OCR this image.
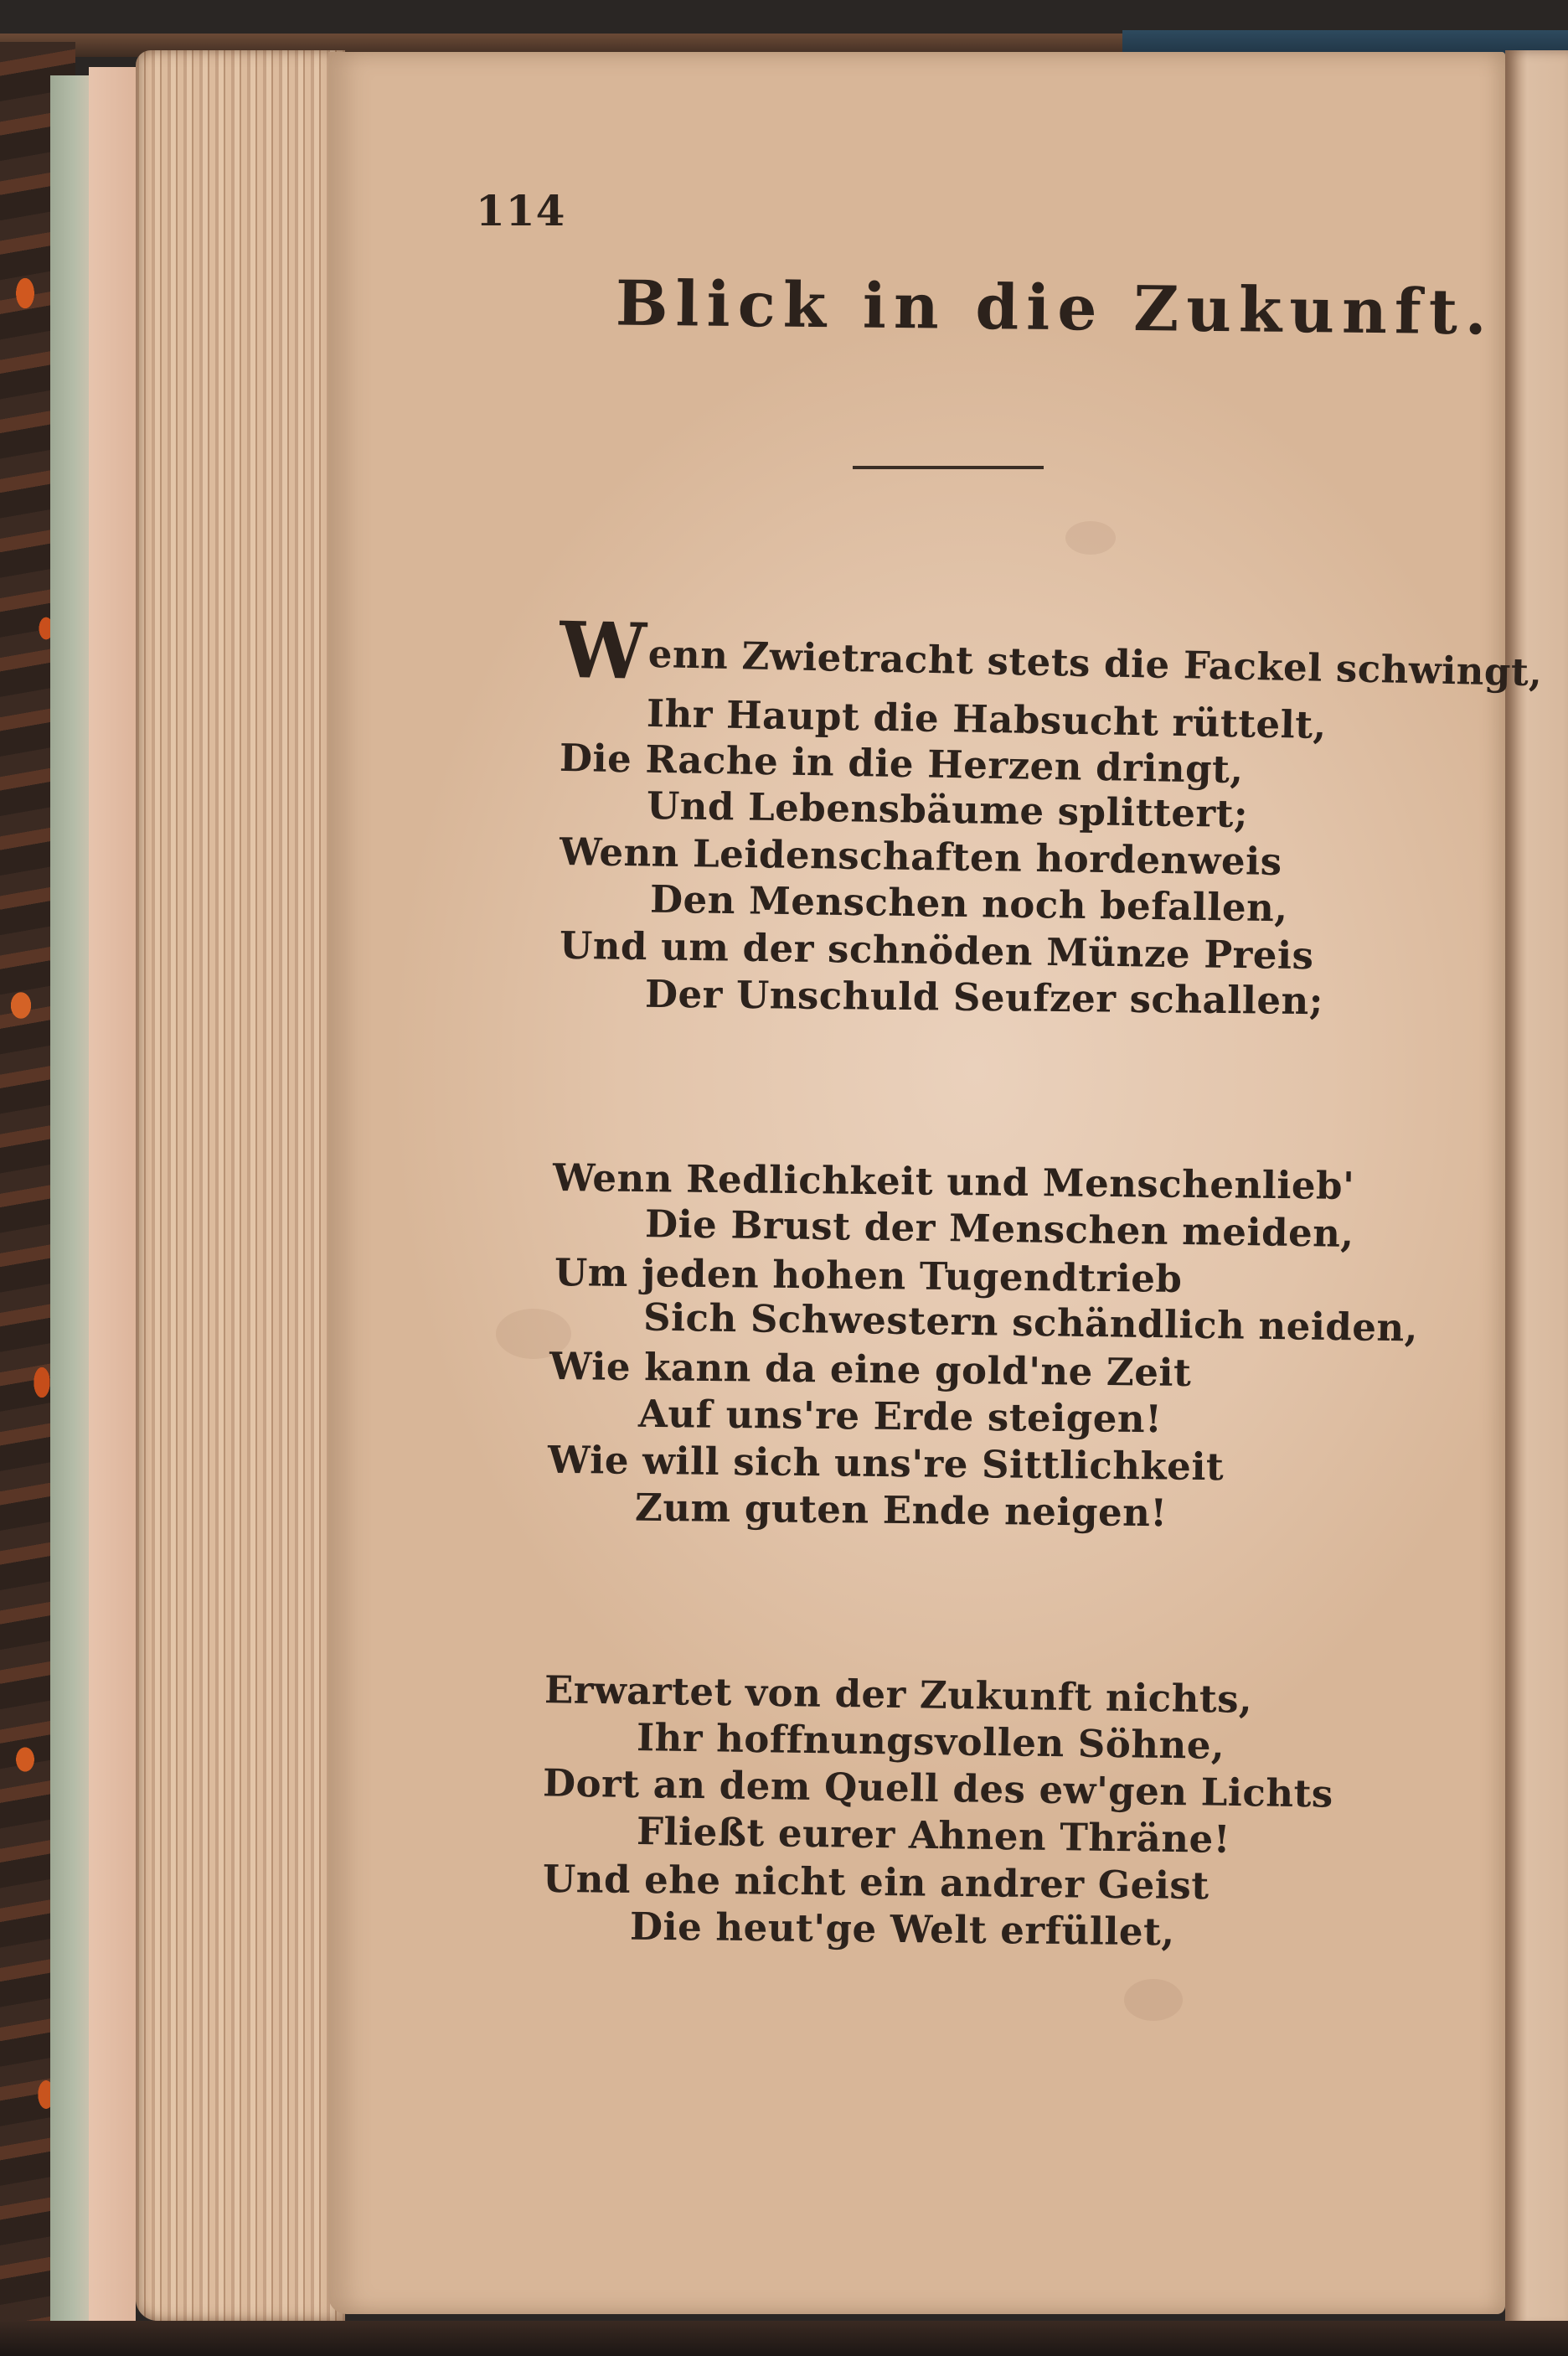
114
Blick in die Zukunft.
Wenn Zwietracht stets die Fackel schwingt,
Ihr Haupt die Habsucht rüttelt,
Die Rache in die Herzen dringt,
Und Lebensbäume splittert;
Wenn Leidenschaften hordenweis
Den Menschen noch befallen,
Und um der schnöden Münze Preis
Der Unschuld Seufzer schallen;
Wenn Redlichkeit und Menschenlieb'
Die Brust der Menschen meiden,
Um jeden hohen Tugendtrieb
Sich Schwestern schändlich neiden,
Wie kann da eine gold'ne Zeit
Auf uns're Erde steigen!
Wie will sich uns're Sittlichkeit
Zum guten Ende neigen!
Erwartet von der Zukunft nichts,
Ihr hoffnungsvollen Söhne,
Dort an dem Quell des ew'gen Lichts
Fließt eurer Ahnen Thräne!
Und ehe nicht ein andrer Geist
Die heut'ge Welt erfüllet,
